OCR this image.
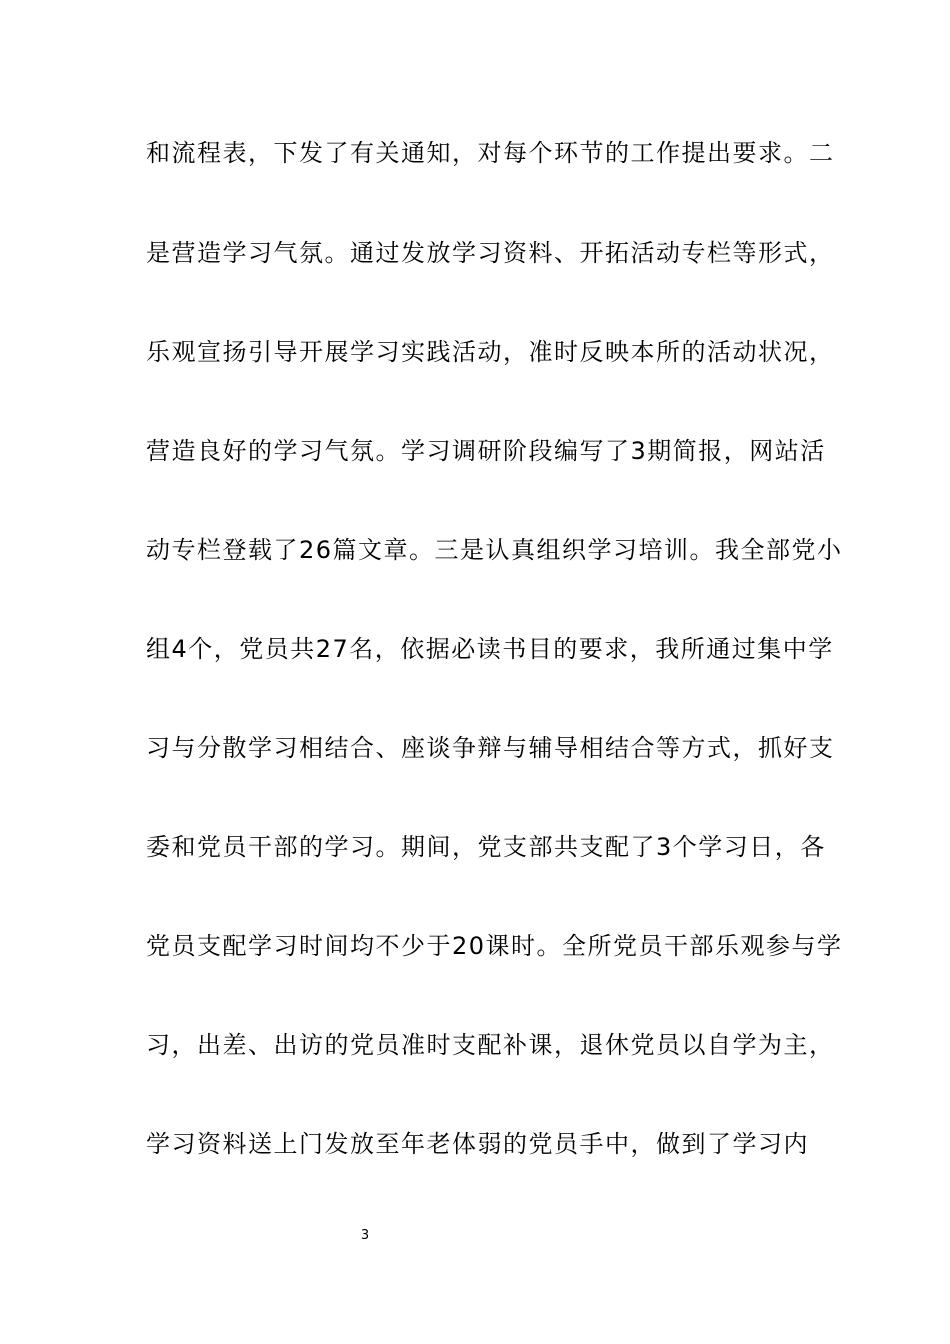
和流程表，下发了有关通知，对每个环节的工作提出要求。二
是营造学习气氛。通过发放学习资料、开拓活动专栏等形式，
乐观宣扬引导开展学习实践活动，准时反映本所的活动状况，
营造良好的学习气氛。学习调研阶段编写了3期简报，网站活
动专栏登载了26篇文章。三是认真组织学习培训。我全部党小
组4个，党员共27名，依据必读书目的要求，我所通过集中学
习与分散学习相结合、座谈争辩与辅导相结合等方式，抓好支
委和党员干部的学习。期间，党支部共支配了3个学习日，各
党员支配学习时间均不少于20课时。全所党员干部乐观参与学
习，出差、出访的党员准时支配补课，退休党员以自学为主，
学习资料送上门发放至年老体弱的党员手中，做到了学习内
3
